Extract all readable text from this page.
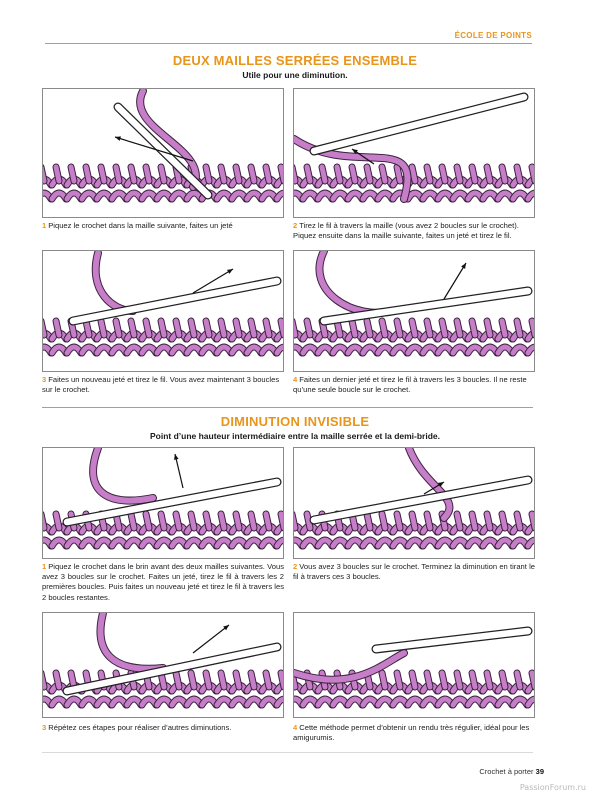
ÉCOLE DE POINTS
DEUX MAILLES SERRÉES ENSEMBLE
Utile pour une diminution.
1 Piquez le crochet dans la maille suivante, faites un jeté	2 Tirez le fil à travers la maille (vous avez 2 boucles sur le crochet). Piquez ensuite dans la maille suivante, faites un jeté et tirez le fil.
3 Faites un nouveau jeté et tirez le fil. Vous avez maintenant 3 boucles sur le crochet.
4 Faites un dernier jeté et tirez le fil à travers les 3 boucles. Il ne reste qu’une seule boucle sur le crochet.
DIMINUTION INVISIBLE
Point d’une hauteur intermédiaire entre la maille serrée et la demi-bride.
1 Piquez le crochet dans le brin avant des deux mailles suivantes. Vous avez 3 boucles sur le crochet. Faites un jeté, tirez le fil à travers les 2 premières boucles. Puis faites un nouveau jeté et tirez le fil à travers les 2 boucles restantes.
2 Vous avez 3 boucles sur le crochet. Terminez la diminution en tirant le fil à travers ces 3 boucles.
3 Répétez ces étapes pour réaliser d’autres diminutions.	4 Cette méthode permet d’obtenir un rendu très régulier, idéal pour les amigurumis.
Crochet à porter 39
PassionForum.ru
